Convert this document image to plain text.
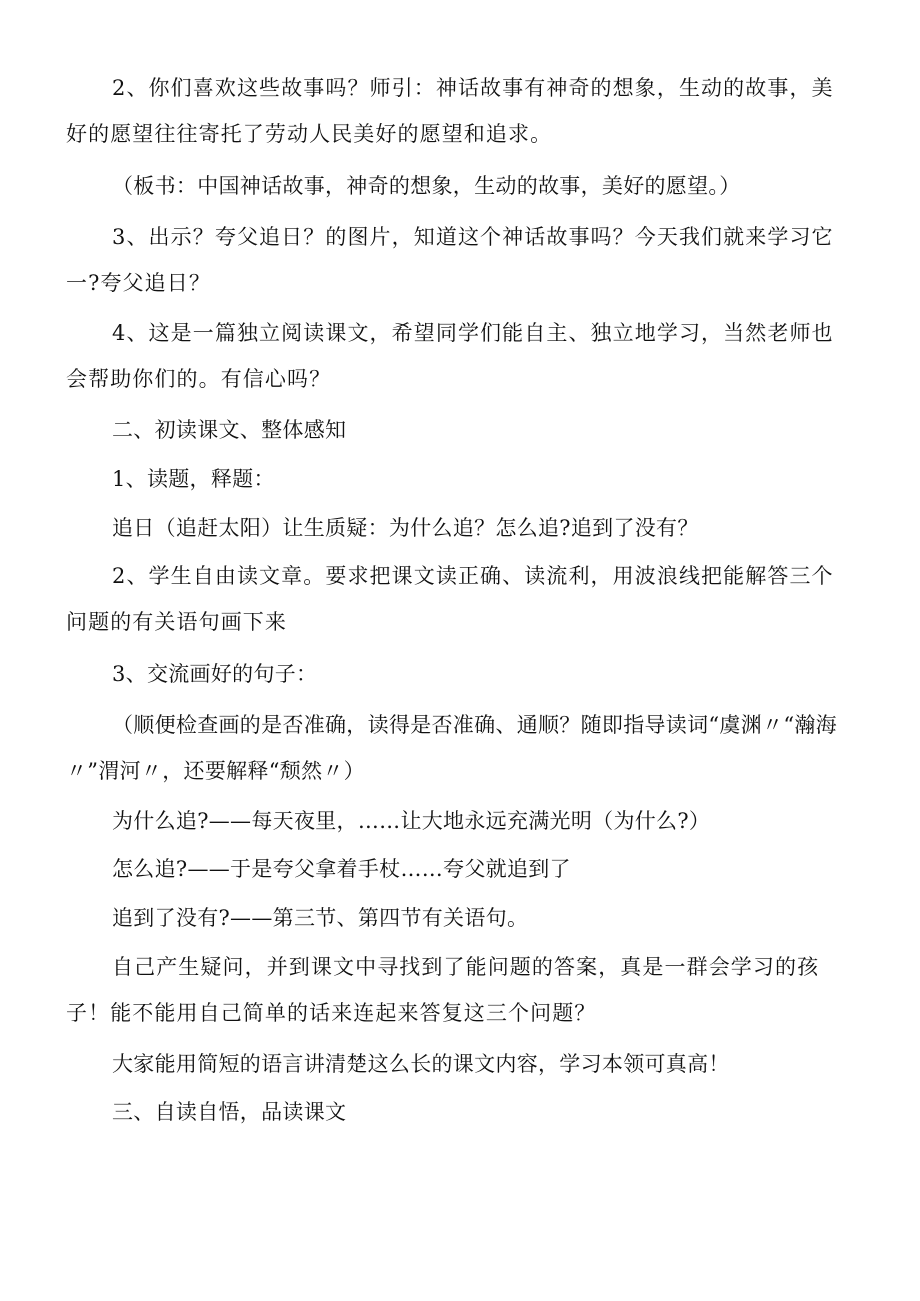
2、你们喜欢这些故事吗？师引：神话故事有神奇的想象，生动的故事，美好的愿望往往寄托了劳动人民美好的愿望和追求。

（板书：中国神话故事，神奇的想象，生动的故事，美好的愿望。）

3、出示？夸父追日？的图片，知道这个神话故事吗？今天我们就来学习它一?夸父追日？

4、这是一篇独立阅读课文，希望同学们能自主、独立地学习，当然老师也会帮助你们的。有信心吗？

二、初读课文、整体感知

1、读题，释题：

追日（追赶太阳）让生质疑：为什么追？怎么追?追到了没有？

2、学生自由读文章。要求把课文读正确、读流利，用波浪线把能解答三个问题的有关语句画下来

3、交流画好的句子：

（顺便检查画的是否准确，读得是否准确、通顺？随即指导读词“虞渊〃“瀚海〃”渭河〃，还要解释“颓然〃）

为什么追?——每天夜里，……让大地永远充满光明（为什么?）

怎么追?——于是夸父拿着手杖……夸父就追到了

追到了没有?——第三节、第四节有关语句。

自己产生疑问，并到课文中寻找到了能问题的答案，真是一群会学习的孩子！能不能用自己简单的话来连起来答复这三个问题？

大家能用简短的语言讲清楚这么长的课文内容，学习本领可真高！

三、自读自悟，品读课文
